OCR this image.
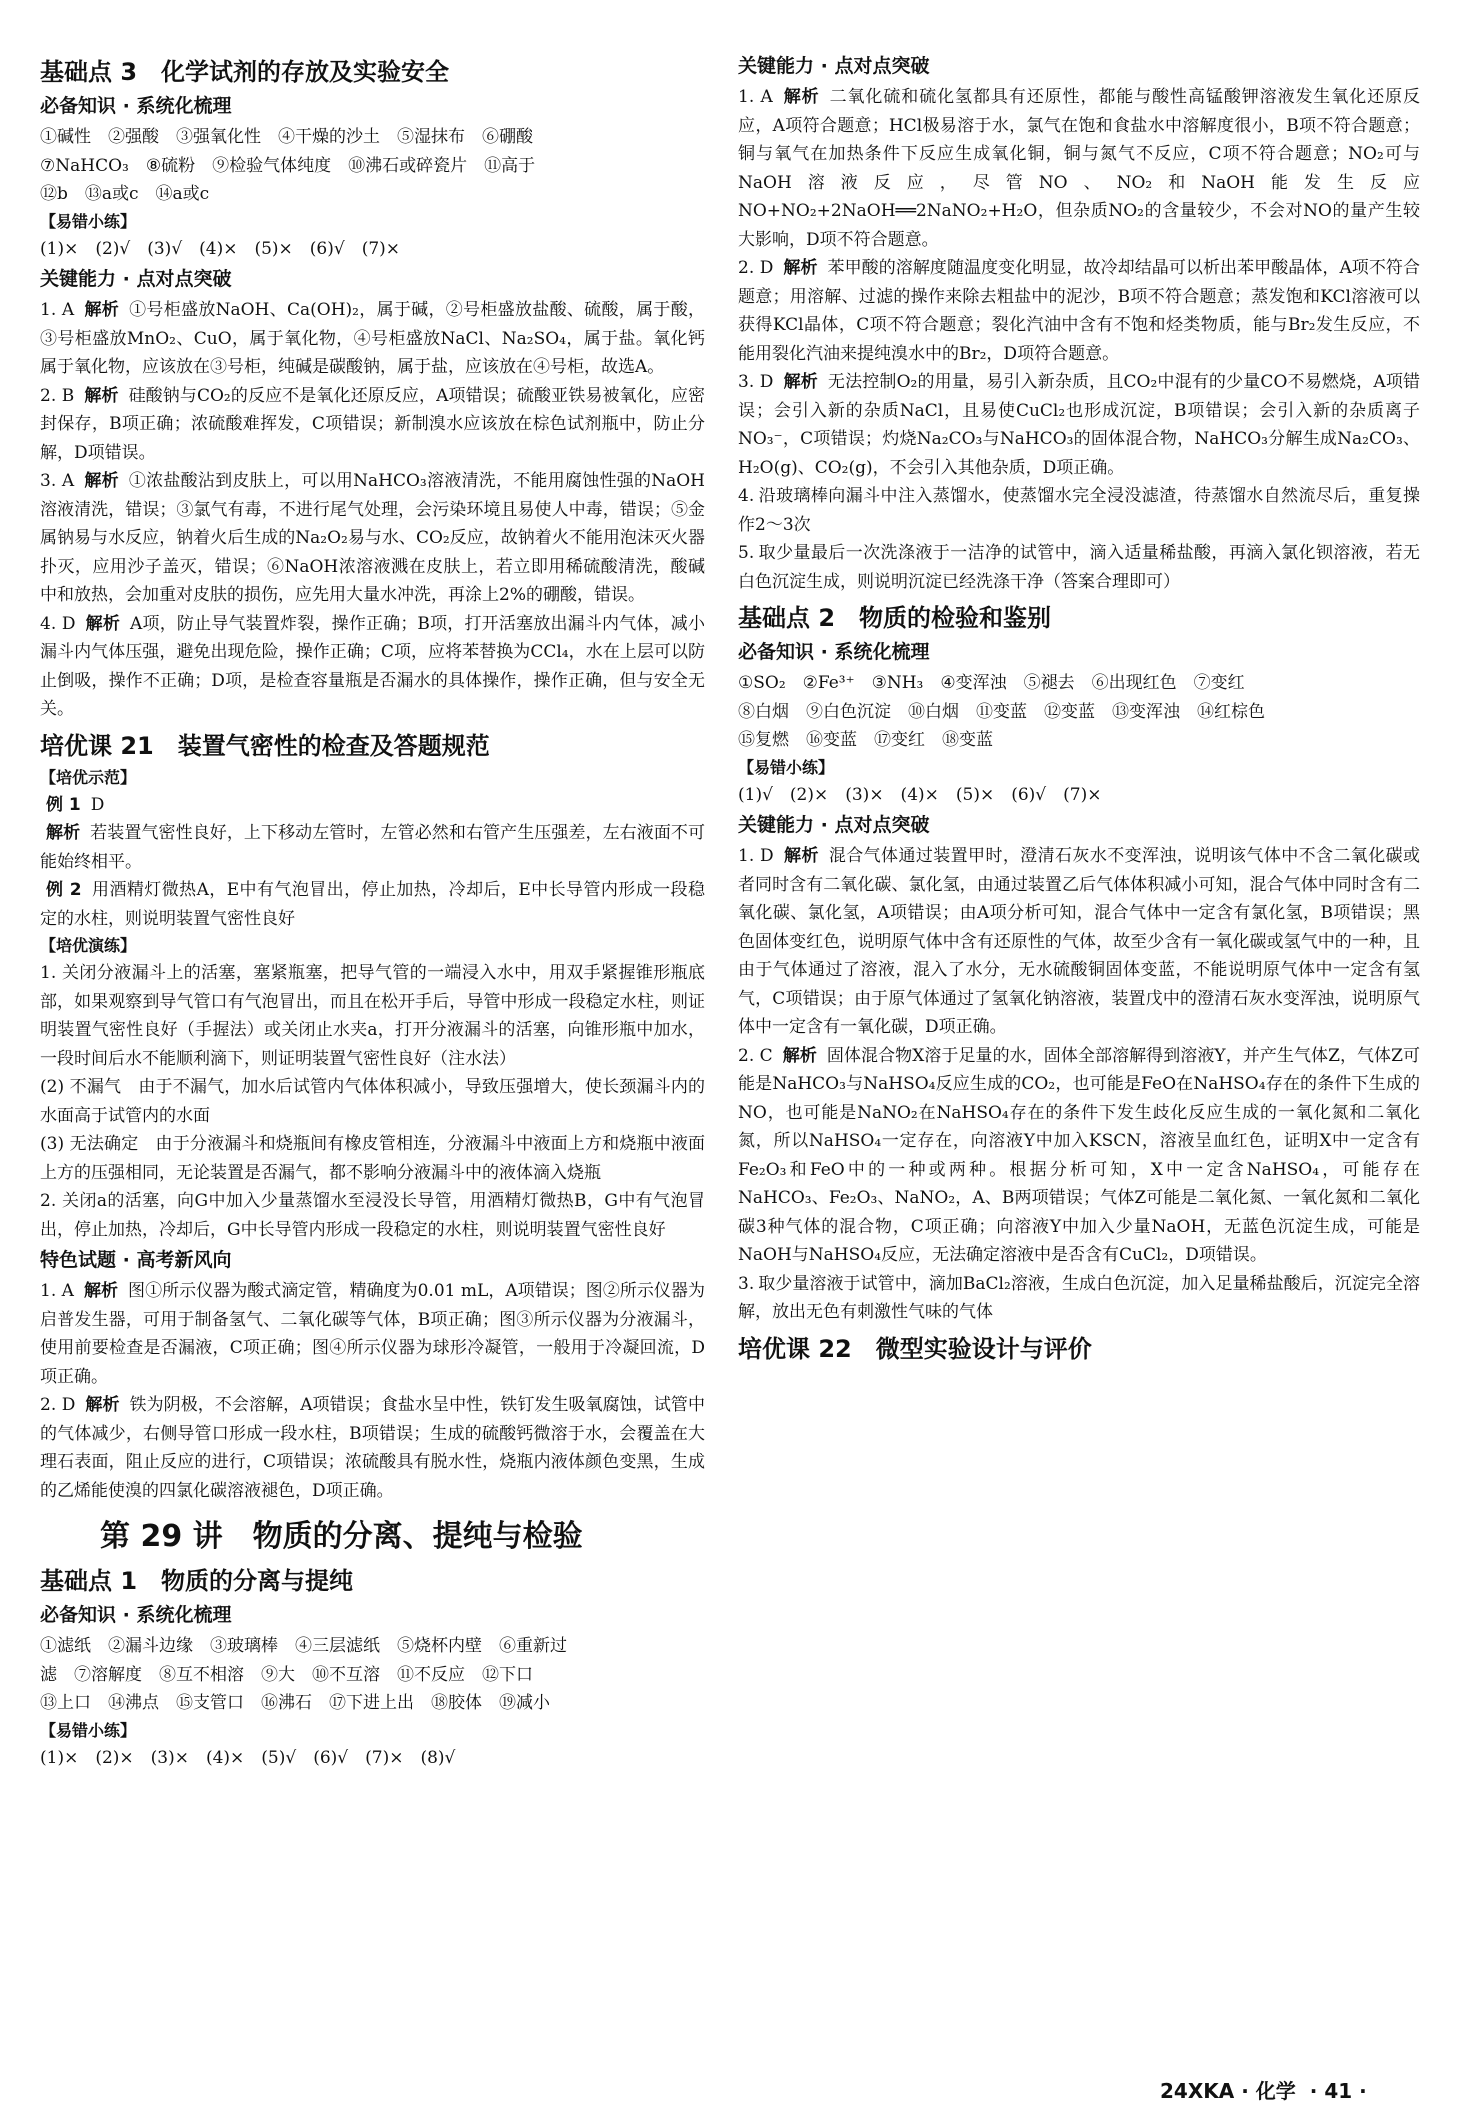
基础点 3　化学试剂的存放及实验安全
必备知识 · 系统化梳理
①碱性　②强酸　③强氧化性　④干燥的沙土　⑤湿抹布　⑥硼酸
⑦NaHCO₃　⑧硫粉　⑨检验气体纯度　⑩沸石或碎瓷片　⑪高于
⑫b　⑬a或c　⑭a或c
【易错小练】
(1)×　(2)√　(3)√　(4)×　(5)×　(6)√　(7)×
关键能力 · 点对点突破
1. A 解析 ①号柜盛放NaOH、Ca(OH)₂，属于碱，②号柜盛放盐酸、硫酸，属于酸，③号柜盛放MnO₂、CuO，属于氧化物，④号柜盛放NaCl、Na₂SO₄，属于盐。氧化钙属于氧化物，应该放在③号柜，纯碱是碳酸钠，属于盐，应该放在④号柜，故选A。
2. B 解析 硅酸钠与CO₂的反应不是氧化还原反应，A项错误；硫酸亚铁易被氧化，应密封保存，B项正确；浓硫酸难挥发，C项错误；新制溴水应该放在棕色试剂瓶中，防止分解，D项错误。
3. A 解析 ①浓盐酸沾到皮肤上，可以用NaHCO₃溶液清洗，不能用腐蚀性强的NaOH溶液清洗，错误；③氯气有毒，不进行尾气处理，会污染环境且易使人中毒，错误；⑤金属钠易与水反应，钠着火后生成的Na₂O₂易与水、CO₂反应，故钠着火不能用泡沫灭火器扑灭，应用沙子盖灭，错误；⑥NaOH浓溶液溅在皮肤上，若立即用稀硫酸清洗，酸碱中和放热，会加重对皮肤的损伤，应先用大量水冲洗，再涂上2%的硼酸，错误。
4. D 解析 A项，防止导气装置炸裂，操作正确；B项，打开活塞放出漏斗内气体，减小漏斗内气体压强，避免出现危险，操作正确；C项，应将苯替换为CCl₄，水在上层可以防止倒吸，操作不正确；D项，是检查容量瓶是否漏水的具体操作，操作正确，但与安全无关。
培优课 21　装置气密性的检查及答题规范
【培优示范】
例 1 D
解析 若装置气密性良好，上下移动左管时，左管必然和右管产生压强差，左右液面不可能始终相平。
例 2 用酒精灯微热A，E中有气泡冒出，停止加热，冷却后，E中长导管内形成一段稳定的水柱，则说明装置气密性良好
【培优演练】
1. 关闭分液漏斗上的活塞，塞紧瓶塞，把导气管的一端浸入水中，用双手紧握锥形瓶底部，如果观察到导气管口有气泡冒出，而且在松开手后，导管中形成一段稳定水柱，则证明装置气密性良好（手握法）或关闭止水夹a，打开分液漏斗的活塞，向锥形瓶中加水，一段时间后水不能顺利滴下，则证明装置气密性良好（注水法）
(2) 不漏气　由于不漏气，加水后试管内气体体积减小，导致压强增大，使长颈漏斗内的水面高于试管内的水面
(3) 无法确定　由于分液漏斗和烧瓶间有橡皮管相连，分液漏斗中液面上方和烧瓶中液面上方的压强相同，无论装置是否漏气，都不影响分液漏斗中的液体滴入烧瓶
2. 关闭a的活塞，向G中加入少量蒸馏水至浸没长导管，用酒精灯微热B，G中有气泡冒出，停止加热，冷却后，G中长导管内形成一段稳定的水柱，则说明装置气密性良好
特色试题 · 高考新风向
1. A 解析 图①所示仪器为酸式滴定管，精确度为0.01 mL，A项错误；图②所示仪器为启普发生器，可用于制备氢气、二氧化碳等气体，B项正确；图③所示仪器为分液漏斗，使用前要检查是否漏液，C项正确；图④所示仪器为球形冷凝管，一般用于冷凝回流，D项正确。
2. D 解析 铁为阴极，不会溶解，A项错误；食盐水呈中性，铁钉发生吸氧腐蚀，试管中的气体减少，右侧导管口形成一段水柱，B项错误；生成的硫酸钙微溶于水，会覆盖在大理石表面，阻止反应的进行，C项错误；浓硫酸具有脱水性，烧瓶内液体颜色变黑，生成的乙烯能使溴的四氯化碳溶液褪色，D项正确。
第 29 讲　物质的分离、提纯与检验
基础点 1　物质的分离与提纯
必备知识 · 系统化梳理
①滤纸　②漏斗边缘　③玻璃棒　④三层滤纸　⑤烧杯内壁　⑥重新过
滤　⑦溶解度　⑧互不相溶　⑨大　⑩不互溶　⑪不反应　⑫下口
⑬上口　⑭沸点　⑮支管口　⑯沸石　⑰下进上出　⑱胶体　⑲减小
【易错小练】
(1)×　(2)×　(3)×　(4)×　(5)√　(6)√　(7)×　(8)√
关键能力 · 点对点突破
1. A 解析 二氧化硫和硫化氢都具有还原性，都能与酸性高锰酸钾溶液发生氧化还原反应，A项符合题意；HCl极易溶于水，氯气在饱和食盐水中溶解度很小，B项不符合题意；铜与氧气在加热条件下反应生成氧化铜，铜与氮气不反应，C项不符合题意；NO₂可与NaOH溶液反应，尽管NO、NO₂和NaOH能发生反应NO+NO₂+2NaOH══2NaNO₂+H₂O，但杂质NO₂的含量较少，不会对NO的量产生较大影响，D项不符合题意。
2. D 解析 苯甲酸的溶解度随温度变化明显，故冷却结晶可以析出苯甲酸晶体，A项不符合题意；用溶解、过滤的操作来除去粗盐中的泥沙，B项不符合题意；蒸发饱和KCl溶液可以获得KCl晶体，C项不符合题意；裂化汽油中含有不饱和烃类物质，能与Br₂发生反应，不能用裂化汽油来提纯溴水中的Br₂，D项符合题意。
3. D 解析 无法控制O₂的用量，易引入新杂质，且CO₂中混有的少量CO不易燃烧，A项错误；会引入新的杂质NaCl，且易使CuCl₂也形成沉淀，B项错误；会引入新的杂质离子NO₃⁻，C项错误；灼烧Na₂CO₃与NaHCO₃的固体混合物，NaHCO₃分解生成Na₂CO₃、H₂O(g)、CO₂(g)，不会引入其他杂质，D项正确。
4. 沿玻璃棒向漏斗中注入蒸馏水，使蒸馏水完全浸没滤渣，待蒸馏水自然流尽后，重复操作2～3次
5. 取少量最后一次洗涤液于一洁净的试管中，滴入适量稀盐酸，再滴入氯化钡溶液，若无白色沉淀生成，则说明沉淀已经洗涤干净（答案合理即可）
基础点 2　物质的检验和鉴别
必备知识 · 系统化梳理
①SO₂　②Fe³⁺　③NH₃　④变浑浊　⑤褪去　⑥出现红色　⑦变红
⑧白烟　⑨白色沉淀　⑩白烟　⑪变蓝　⑫变蓝　⑬变浑浊　⑭红棕色
⑮复燃　⑯变蓝　⑰变红　⑱变蓝
【易错小练】
(1)√　(2)×　(3)×　(4)×　(5)×　(6)√　(7)×
关键能力 · 点对点突破
1. D 解析 混合气体通过装置甲时，澄清石灰水不变浑浊，说明该气体中不含二氧化碳或者同时含有二氧化碳、氯化氢，由通过装置乙后气体体积减小可知，混合气体中同时含有二氧化碳、氯化氢，A项错误；由A项分析可知，混合气体中一定含有氯化氢，B项错误；黑色固体变红色，说明原气体中含有还原性的气体，故至少含有一氧化碳或氢气中的一种，且由于气体通过了溶液，混入了水分，无水硫酸铜固体变蓝，不能说明原气体中一定含有氢气，C项错误；由于原气体通过了氢氧化钠溶液，装置戊中的澄清石灰水变浑浊，说明原气体中一定含有一氧化碳，D项正确。
2. C 解析 固体混合物X溶于足量的水，固体全部溶解得到溶液Y，并产生气体Z，气体Z可能是NaHCO₃与NaHSO₄反应生成的CO₂，也可能是FeO在NaHSO₄存在的条件下生成的NO，也可能是NaNO₂在NaHSO₄存在的条件下发生歧化反应生成的一氧化氮和二氧化氮，所以NaHSO₄一定存在，向溶液Y中加入KSCN，溶液呈血红色，证明X中一定含有Fe₂O₃和FeO中的一种或两种。根据分析可知，X中一定含NaHSO₄，可能存在NaHCO₃、Fe₂O₃、NaNO₂，A、B两项错误；气体Z可能是二氧化氮、一氧化氮和二氧化碳3种气体的混合物，C项正确；向溶液Y中加入少量NaOH，无蓝色沉淀生成，可能是NaOH与NaHSO₄反应，无法确定溶液中是否含有CuCl₂，D项错误。
3. 取少量溶液于试管中，滴加BaCl₂溶液，生成白色沉淀，加入足量稀盐酸后，沉淀完全溶解，放出无色有刺激性气味的气体
培优课 22　微型实验设计与评价
24XKA · 化学 · 41 ·
